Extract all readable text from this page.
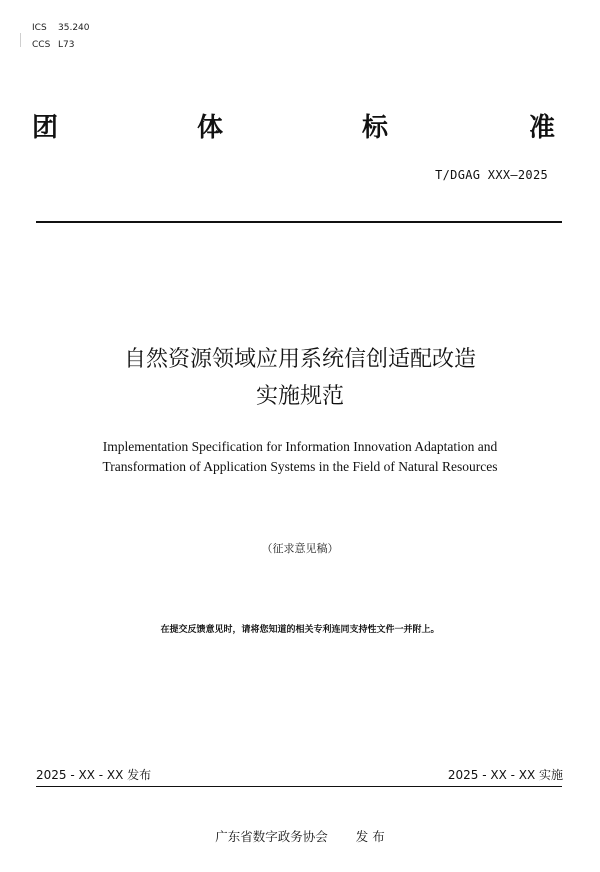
ICS 35.240
CCS L73
团	体	标	准
T/DGAG XXX—2025
自然资源领域应用系统信创适配改造
实施规范
Implementation Specification for Information Innovation Adaptation and
Transformation of Application Systems in the Field of Natural Resources
（征求意见稿）
在提交反馈意见时，请将您知道的相关专利连同支持性文件一并附上。
2025 - XX - XX 发布	2025 - XX - XX 实施
广东省数字政务协会 发 布
